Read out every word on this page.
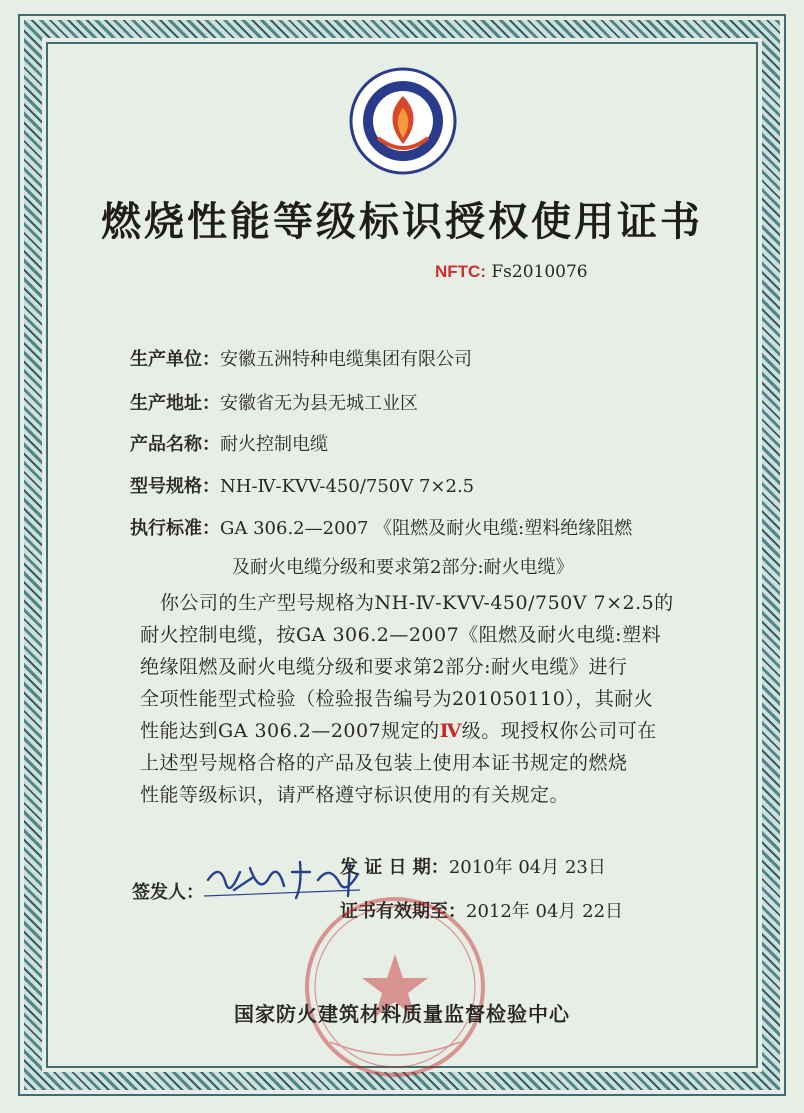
燃烧性能等级标识授权使用证书
NFTC: Fs2010076
生产单位：安徽五洲特种电缆集团有限公司
生产地址：安徽省无为县无城工业区
产品名称：耐火控制电缆
型号规格：NH-Ⅳ-KVV-450/750V 7×2.5
执行标准：GA 306.2—2007 《阻燃及耐火电缆:塑料绝缘阻燃
及耐火电缆分级和要求第2部分:耐火电缆》
你公司的生产型号规格为NH-Ⅳ-KVV-450/750V 7×2.5的
耐火控制电缆，按GA 306.2—2007《阻燃及耐火电缆:塑料
绝缘阻燃及耐火电缆分级和要求第2部分:耐火电缆》进行
全项性能型式检验（检验报告编号为201050110），其耐火
性能达到GA 306.2—2007规定的Ⅳ级。现授权你公司可在
上述型号规格合格的产品及包装上使用本证书规定的燃烧
性能等级标识，请严格遵守标识使用的有关规定。
签发人：
发 证 日 期：2010年 04月 23日
证书有效期至：2012年 04月 22日
国家防火建筑材料质量监督检验中心
